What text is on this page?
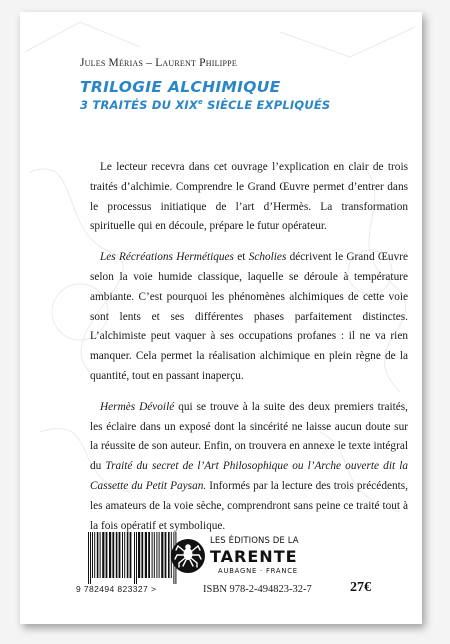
Jules Mérias – Laurent Philippe
TRILOGIE ALCHIMIQUE
3 TRAITÉS DU XIXe SIÈCLE EXPLIQUÉS

Le lecteur recevra dans cet ouvrage l’explication en clair de trois traités d’alchimie. Comprendre le Grand Œuvre permet d’entrer dans le processus initiatique de l’art d’Hermès. La transformation spirituelle qui en découle, prépare le futur opérateur.

Les Récréations Hermétiques et Scholies décrivent le Grand Œuvre selon la voie humide classique, laquelle se déroule à température ambiante. C’est pourquoi les phénomènes alchimiques de cette voie sont lents et ses différentes phases parfaitement distinctes. L’alchimiste peut vaquer à ses occupations profanes : il ne va rien manquer. Cela permet la réalisation alchimique en plein règne de la quantité, tout en passant inaperçu.

Hermès Dévoilé qui se trouve à la suite des deux premiers traités, les éclaire dans un exposé dont la sincérité ne laisse aucun doute sur la réussite de son auteur. Enfin, on trouvera en annexe le texte intégral du Traité du secret de l’Art Philosophique ou l’Arche ouverte dit la Cassette du Petit Paysan. Informés par la lecture des trois précédents, les amateurs de la voie sèche, comprendront sans peine ce traité tout à la fois opératif et symbolique.

9 782494 823327 >
LES ÉDITIONS DE LA
TARENTE
AUBAGNE · FRANCE
ISBN 978-2-494823-32-7	27€
